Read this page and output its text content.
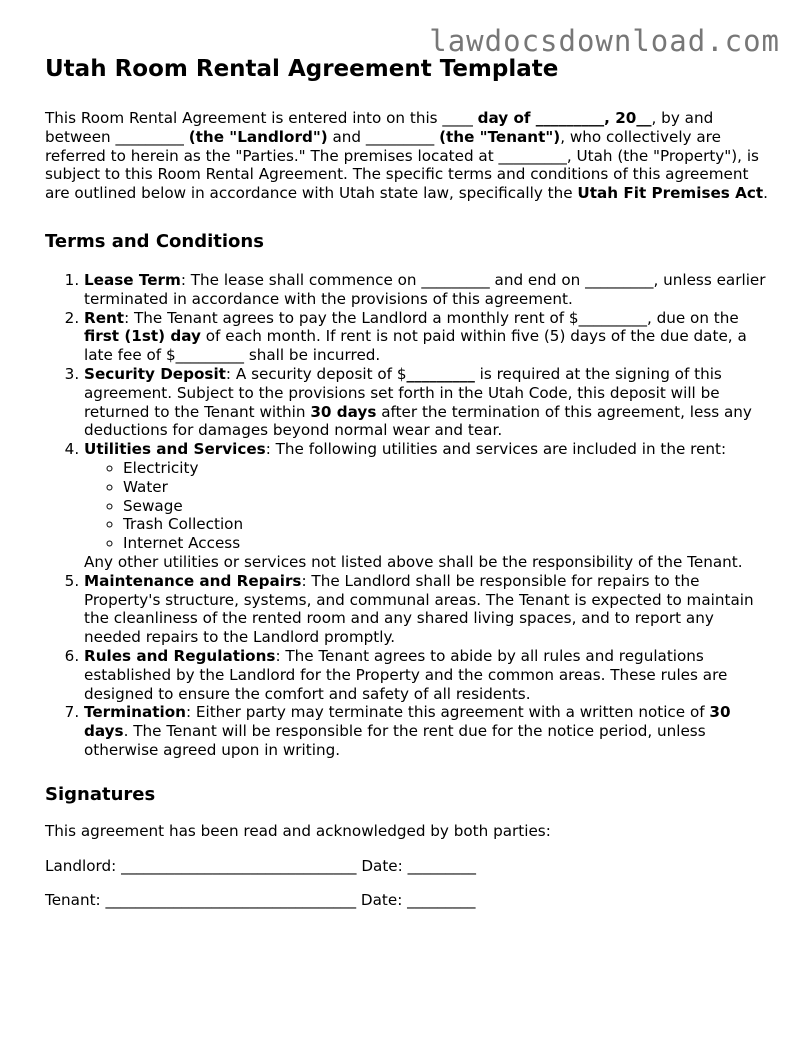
lawdocsdownload.com
Utah Room Rental Agreement Template

This Room Rental Agreement is entered into on this ____ day of _________, 20__, by and between _________ (the "Landlord") and _________ (the "Tenant"), who collectively are referred to herein as the "Parties." The premises located at _________, Utah (the "Property"), is subject to this Room Rental Agreement. The specific terms and conditions of this agreement are outlined below in accordance with Utah state law, specifically the Utah Fit Premises Act.

Terms and Conditions
1. Lease Term: The lease shall commence on _________ and end on _________, unless earlier terminated in accordance with the provisions of this agreement.
2. Rent: The Tenant agrees to pay the Landlord a monthly rent of $_________, due on the first (1st) day of each month. If rent is not paid within five (5) days of the due date, a late fee of $_________ shall be incurred.
3. Security Deposit: A security deposit of $_________ is required at the signing of this agreement. Subject to the provisions set forth in the Utah Code, this deposit will be returned to the Tenant within 30 days after the termination of this agreement, less any deductions for damages beyond normal wear and tear.
4. Utilities and Services: The following utilities and services are included in the rent:
◦ Electricity
◦ Water
◦ Sewage
◦ Trash Collection
◦ Internet Access
Any other utilities or services not listed above shall be the responsibility of the Tenant.
5. Maintenance and Repairs: The Landlord shall be responsible for repairs to the Property's structure, systems, and communal areas. The Tenant is expected to maintain the cleanliness of the rented room and any shared living spaces, and to report any needed repairs to the Landlord promptly.
6. Rules and Regulations: The Tenant agrees to abide by all rules and regulations established by the Landlord for the Property and the common areas. These rules are designed to ensure the comfort and safety of all residents.
7. Termination: Either party may terminate this agreement with a written notice of 30 days. The Tenant will be responsible for the rent due for the notice period, unless otherwise agreed upon in writing.
Signatures

This agreement has been read and acknowledged by both parties:

Landlord: _______________________________ Date: _________

Tenant: _________________________________ Date: _________
